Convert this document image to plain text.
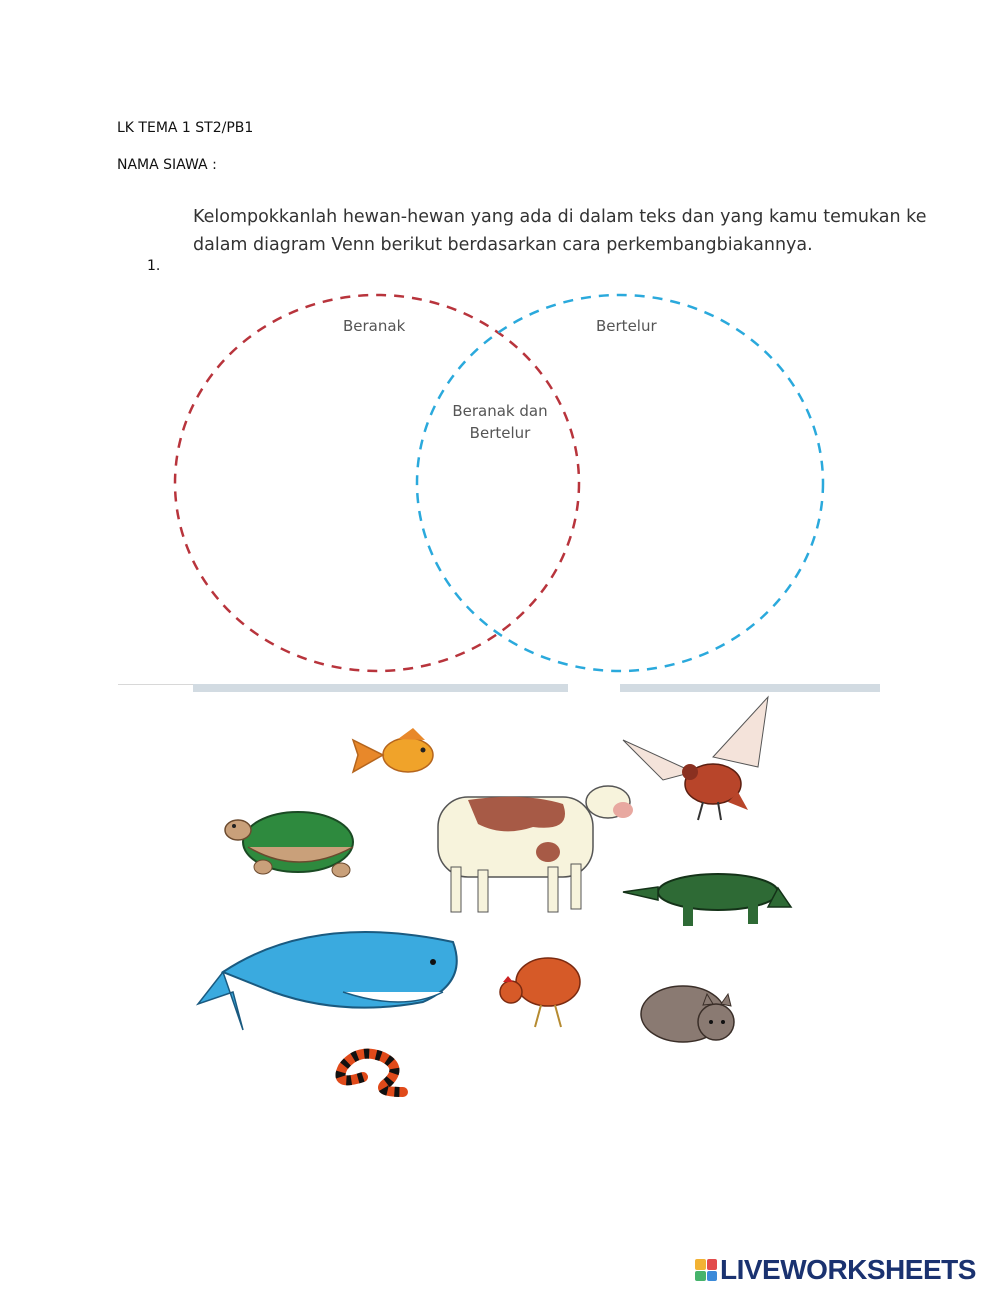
LK TEMA 1 ST2/PB1
NAMA SIAWA :
Kelompokkanlah hewan-hewan yang ada di dalam teks dan yang kamu temukan ke dalam diagram Venn berikut berdasarkan cara perkembangbiakannya.
1.
Beranak	Bertelur
Beranak dan
Bertelur
LIVEWORKSHEETS
